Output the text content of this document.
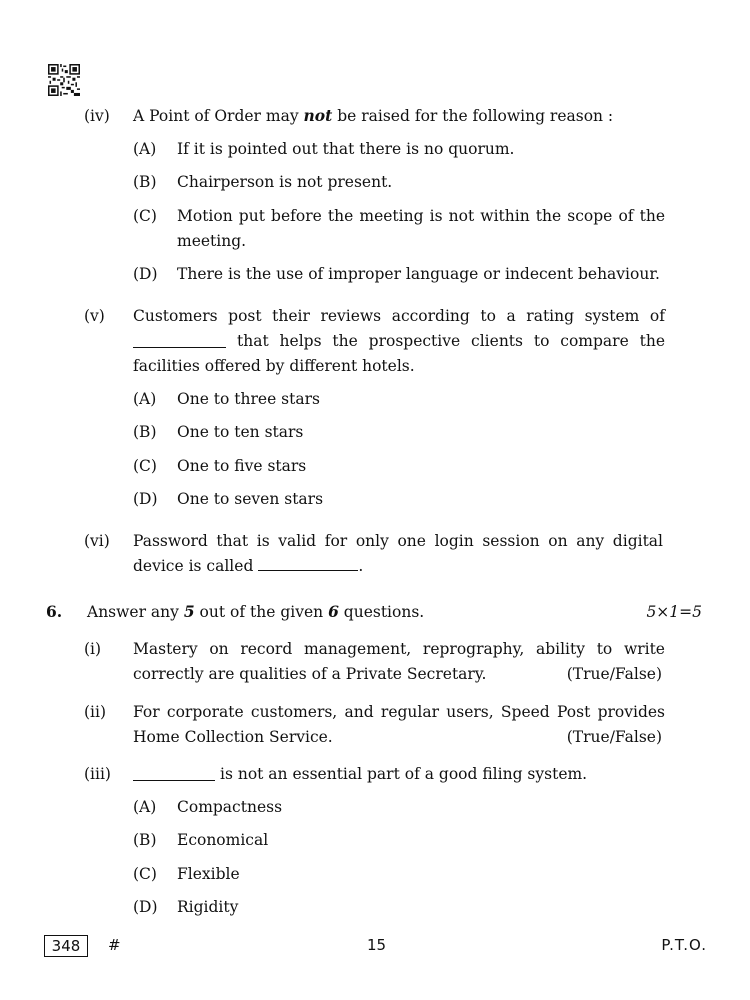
(iv) A Point of Order may not be raised for the following reason :
(A) If it is pointed out that there is no quorum.
(B) Chairperson is not present.
(C) Motion put before the meeting is not within the scope of the
meeting.
(D) There is the use of improper language or indecent behaviour.
(v) Customers post their reviews according to a rating system of
that helps the prospective clients to compare the
facilities offered by different hotels.
(A) One to three stars
(B) One to ten stars
(C) One to five stars
(D) One to seven stars
(vi) Password that is valid for only one login session on any digital
device is called	.
6. Answer any 5 out of the given 6 questions.	5×1=5
(i) Mastery on record management, reprography, ability to write
correctly are qualities of a Private Secretary.	(True/False)
(ii) For corporate customers, and regular users, Speed Post provides
Home Collection Service.	(True/False)
(iii)	is not an essential part of a good filing system.
(A) Compactness
(B) Economical
(C) Flexible
(D) Rigidity
348	#	15	P.T.O.
